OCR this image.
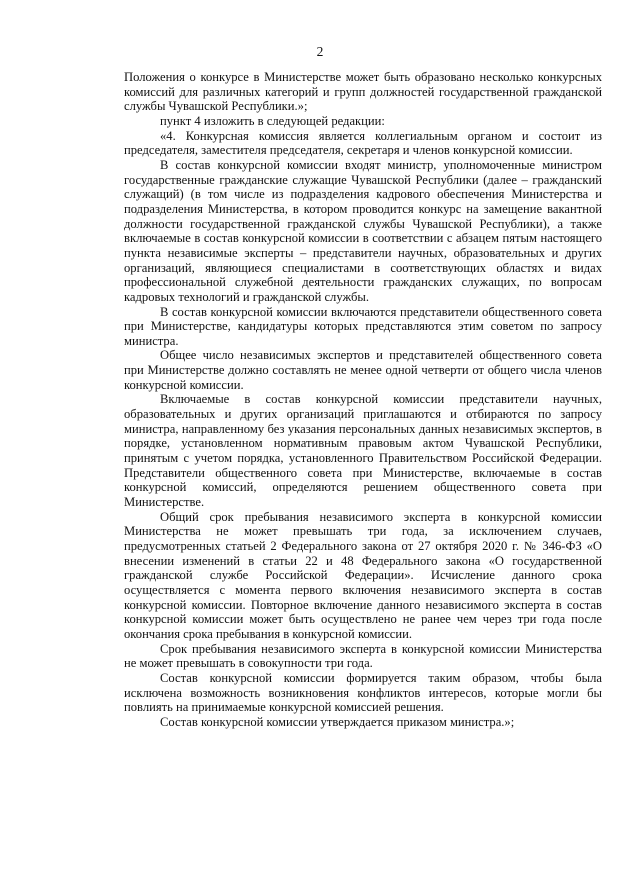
2

Положения о конкурсе в Министерстве может быть образовано несколько конкурсных комиссий для различных категорий и групп должностей государственной гражданской службы Чувашской Республики.»;

пункт 4 изложить в следующей редакции:

«4. Конкурсная комиссия является коллегиальным органом и состоит из председателя, заместителя председателя, секретаря и членов конкурсной комиссии.

В состав конкурсной комиссии входят министр, уполномоченные министром государственные гражданские служащие Чувашской Республики (далее – гражданский служащий) (в том числе из подразделения кадрового обеспечения Министерства и подразделения Министерства, в котором проводится конкурс на замещение вакантной должности государственной гражданской службы Чувашской Республики), а также включаемые в состав конкурсной комиссии в соответствии с абзацем пятым настоящего пункта независимые эксперты – представители научных, образовательных и других организаций, являющиеся специалистами в соответствующих областях и видах профессиональной служебной деятельности гражданских служащих, по вопросам кадровых технологий и гражданской службы.

В состав конкурсной комиссии включаются представители общественного совета при Министерстве, кандидатуры которых представляются этим советом по запросу министра.

Общее число независимых экспертов и представителей общественного совета при Министерстве должно составлять не менее одной четверти от общего числа членов конкурсной комиссии.

Включаемые в состав конкурсной комиссии представители научных, образовательных и других организаций приглашаются и отбираются по запросу министра, направленному без указания персональных данных независимых экспертов, в порядке, установленном нормативным правовым актом Чувашской Республики, принятым с учетом порядка, установленного Правительством Российской Федерации. Представители общественного совета при Министерстве, включаемые в состав конкурсной комиссий, определяются решением общественного совета при Министерстве.

Общий срок пребывания независимого эксперта в конкурсной комиссии Министерства не может превышать три года, за исключением случаев, предусмотренных статьей 2 Федерального закона от 27 октября 2020 г. № 346-ФЗ «О внесении изменений в статьи 22 и 48 Федерального закона «О государственной гражданской службе Российской Федерации». Исчисление данного срока осуществляется с момента первого включения независимого эксперта в состав конкурсной комиссии. Повторное включение данного независимого эксперта в состав конкурсной комиссии может быть осуществлено не ранее чем через три года после окончания срока пребывания в конкурсной комиссии.

Срок пребывания независимого эксперта в конкурсной комиссии Министерства не может превышать в совокупности три года.

Состав конкурсной комиссии формируется таким образом, чтобы была исключена возможность возникновения конфликтов интересов, которые могли бы повлиять на принимаемые конкурсной комиссией решения.

Состав конкурсной комиссии утверждается приказом министра.»;
